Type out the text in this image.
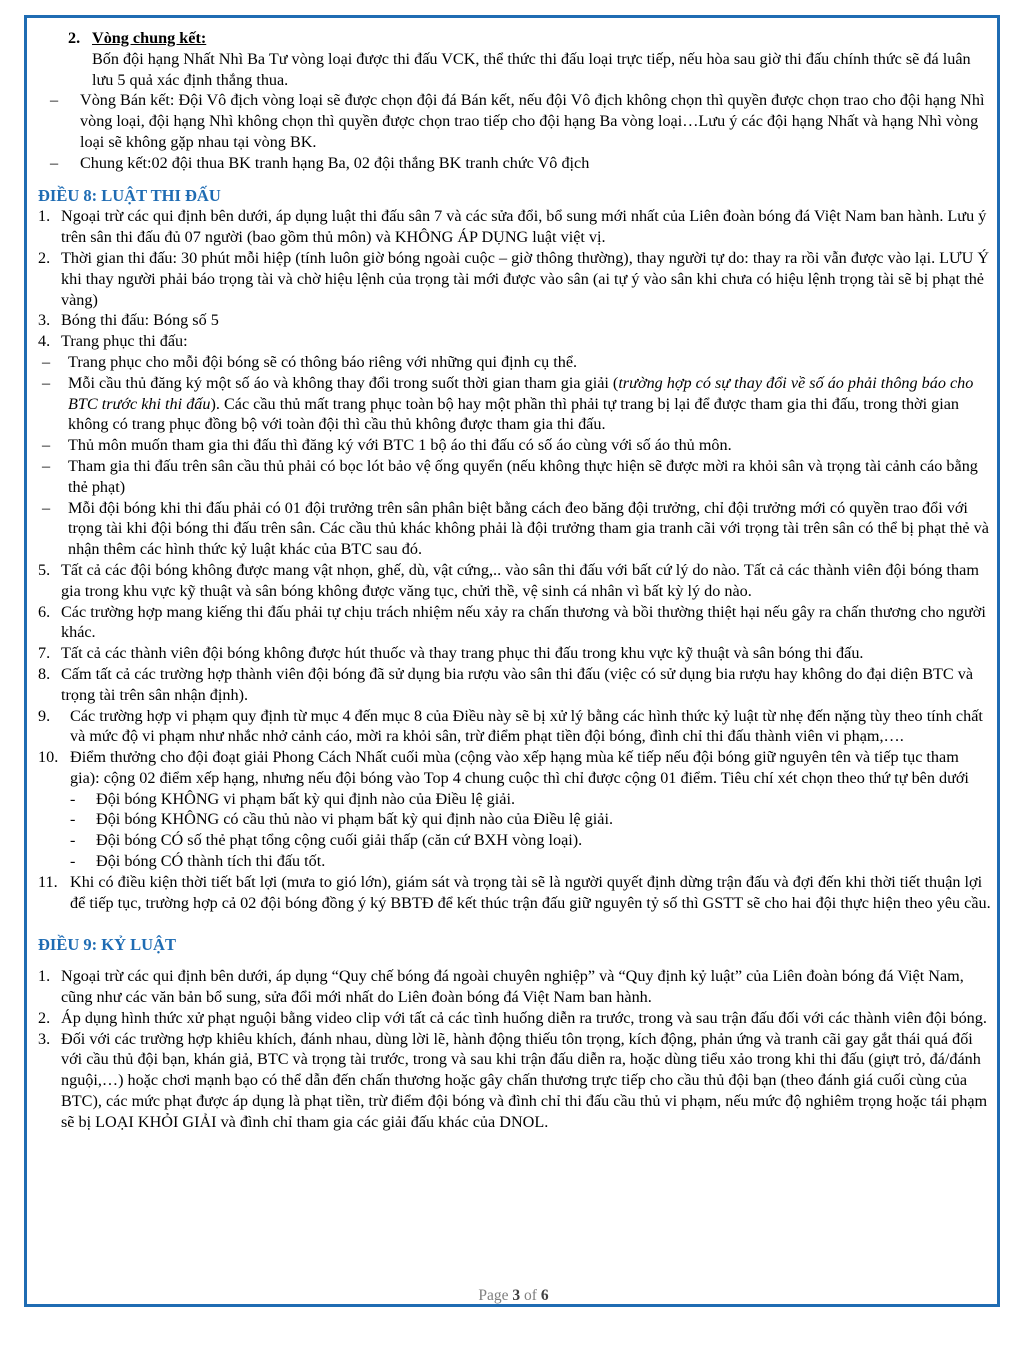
2. Vòng chung kết:

Bốn đội hạng Nhất Nhì Ba Tư vòng loại được thi đấu VCK, thể thức thi đấu loại trực tiếp, nếu hòa sau giờ thi đấu chính thức sẽ đá luân lưu 5 quả xác định thắng thua.

–	Vòng Bán kết: Đội Vô địch vòng loại sẽ được chọn đội đá Bán kết, nếu đội Vô địch không chọn thì quyền được chọn trao cho đội hạng Nhì vòng loại, đội hạng Nhì không chọn thì quyền được chọn trao tiếp cho đội hạng Ba vòng loại…Lưu ý các đội hạng Nhất và hạng Nhì vòng loại sẽ không gặp nhau tại vòng BK.
–	Chung kết:02 đội thua BK tranh hạng Ba, 02 đội thắng BK tranh chức Vô địch

ĐIỀU 8: LUẬT THI ĐẤU

1. Ngoại trừ các qui định bên dưới, áp dụng luật thi đấu sân 7 và các sửa đổi, bổ sung mới nhất của Liên đoàn bóng đá Việt Nam ban hành. Lưu ý trên sân thi đấu đủ 07 người (bao gồm thủ môn) và KHÔNG ÁP DỤNG luật việt vị.
2. Thời gian thi đấu: 30 phút mỗi hiệp (tính luôn giờ bóng ngoài cuộc – giờ thông thường), thay người tự do: thay ra rồi vẫn được vào lại. LƯU Ý khi thay người phải báo trọng tài và chờ hiệu lệnh của trọng tài mới được vào sân (ai tự ý vào sân khi chưa có hiệu lệnh trọng tài sẽ bị phạt thẻ vàng)
3. Bóng thi đấu: Bóng số 5
4. Trang phục thi đấu:
–	Trang phục cho mỗi đội bóng sẽ có thông báo riêng với những qui định cụ thể.
–	Mỗi cầu thủ đăng ký một số áo và không thay đổi trong suốt thời gian tham gia giải (trường hợp có sự thay đổi về số áo phải thông báo cho BTC trước khi thi đấu). Các cầu thủ mất trang phục toàn bộ hay một phần thì phải tự trang bị lại để được tham gia thi đấu, trong thời gian không có trang phục đồng bộ với toàn đội thì cầu thủ không được tham gia thi đấu.
–	Thủ môn muốn tham gia thi đấu thì đăng ký với BTC 1 bộ áo thi đấu có số áo cùng với số áo thủ môn.
–	Tham gia thi đấu trên sân cầu thủ phải có bọc lót bảo vệ ống quyển (nếu không thực hiện sẽ được mời ra khỏi sân và trọng tài cảnh cáo bằng thẻ phạt)
–	Mỗi đội bóng khi thi đấu phải có 01 đội trưởng trên sân phân biệt bằng cách đeo băng đội trưởng, chỉ đội trưởng mới có quyền trao đổi với trọng tài khi đội bóng thi đấu trên sân. Các cầu thủ khác không phải là đội trưởng tham gia tranh cãi với trọng tài trên sân có thể bị phạt thẻ và nhận thêm các hình thức kỷ luật khác của BTC sau đó.
5. Tất cả các đội bóng không được mang vật nhọn, ghế, dù, vật cứng,.. vào sân thi đấu với bất cứ lý do nào. Tất cả các thành viên đội bóng tham gia trong khu vực kỹ thuật và sân bóng không được văng tục, chửi thề, vệ sinh cá nhân vì bất kỳ lý do nào.
6. Các trường hợp mang kiếng thi đấu phải tự chịu trách nhiệm nếu xảy ra chấn thương và bồi thường thiệt hại nếu gây ra chấn thương cho người khác.
7. Tất cả các thành viên đội bóng không được hút thuốc và thay trang phục thi đấu trong khu vực kỹ thuật và sân bóng thi đấu.
8. Cấm tất cả các trường hợp thành viên đội bóng đã sử dụng bia rượu vào sân thi đấu (việc có sử dụng bia rượu hay không do đại diện BTC và trọng tài trên sân nhận định).
9.	Các trường hợp vi phạm quy định từ mục 4 đến mục 8 của Điều này sẽ bị xử lý bằng các hình thức kỷ luật từ nhẹ đến nặng tùy theo tính chất và mức độ vi phạm như nhắc nhở cảnh cáo, mời ra khỏi sân, trừ điểm phạt tiền đội bóng, đình chỉ thi đấu thành viên vi phạm,….
10. Điểm thưởng cho đội đoạt giải Phong Cách Nhất cuối mùa (cộng vào xếp hạng mùa kế tiếp nếu đội bóng giữ nguyên tên và tiếp tục tham gia): cộng 02 điểm xếp hạng, nhưng nếu đội bóng vào Top 4 chung cuộc thì chỉ được cộng 01 điểm. Tiêu chí xét chọn theo thứ tự bên dưới
-	Đội bóng KHÔNG vi phạm bất kỳ qui định nào của Điều lệ giải.
-	Đội bóng KHÔNG có cầu thủ nào vi phạm bất kỳ qui định nào của Điều lệ giải.
-	Đội bóng CÓ số thẻ phạt tổng cộng cuối giải thấp (căn cứ BXH vòng loại).
-	Đội bóng CÓ thành tích thi đấu tốt.
11. Khi có điều kiện thời tiết bất lợi (mưa to gió lớn), giám sát và trọng tài sẽ là người quyết định dừng trận đấu và đợi đến khi thời tiết thuận lợi để tiếp tục, trường hợp cả 02 đội bóng đồng ý ký BBTĐ để kết thúc trận đấu giữ nguyên tỷ số thì GSTT sẽ cho hai đội thực hiện theo yêu cầu.

ĐIỀU 9: KỶ LUẬT

1. Ngoại trừ các qui định bên dưới, áp dụng “Quy chế bóng đá ngoài chuyên nghiệp” và “Quy định kỷ luật” của Liên đoàn bóng đá Việt Nam, cũng như các văn bản bổ sung, sửa đổi mới nhất do Liên đoàn bóng đá Việt Nam ban hành.
2. Áp dụng hình thức xử phạt nguội bằng video clip với tất cả các tình huống diễn ra trước, trong và sau trận đấu đối với các thành viên đội bóng.
3. Đối với các trường hợp khiêu khích, đánh nhau, dùng lời lẽ, hành động thiếu tôn trọng, kích động, phản ứng và tranh cãi gay gắt thái quá đối với cầu thủ đội bạn, khán giả, BTC và trọng tài trước, trong và sau khi trận đấu diễn ra, hoặc dùng tiểu xảo trong khi thi đấu (giựt trỏ, đá/đánh nguội,…) hoặc chơi mạnh bạo có thể dẫn đến chấn thương hoặc gây chấn thương trực tiếp cho cầu thủ đội bạn (theo đánh giá cuối cùng của BTC), các mức phạt được áp dụng là phạt tiền, trừ điểm đội bóng và đình chỉ thi đấu cầu thủ vi phạm, nếu mức độ nghiêm trọng hoặc tái phạm sẽ bị LOẠI KHỎI GIẢI và đình chỉ tham gia các giải đấu khác của DNOL.
Page 3 of 6
